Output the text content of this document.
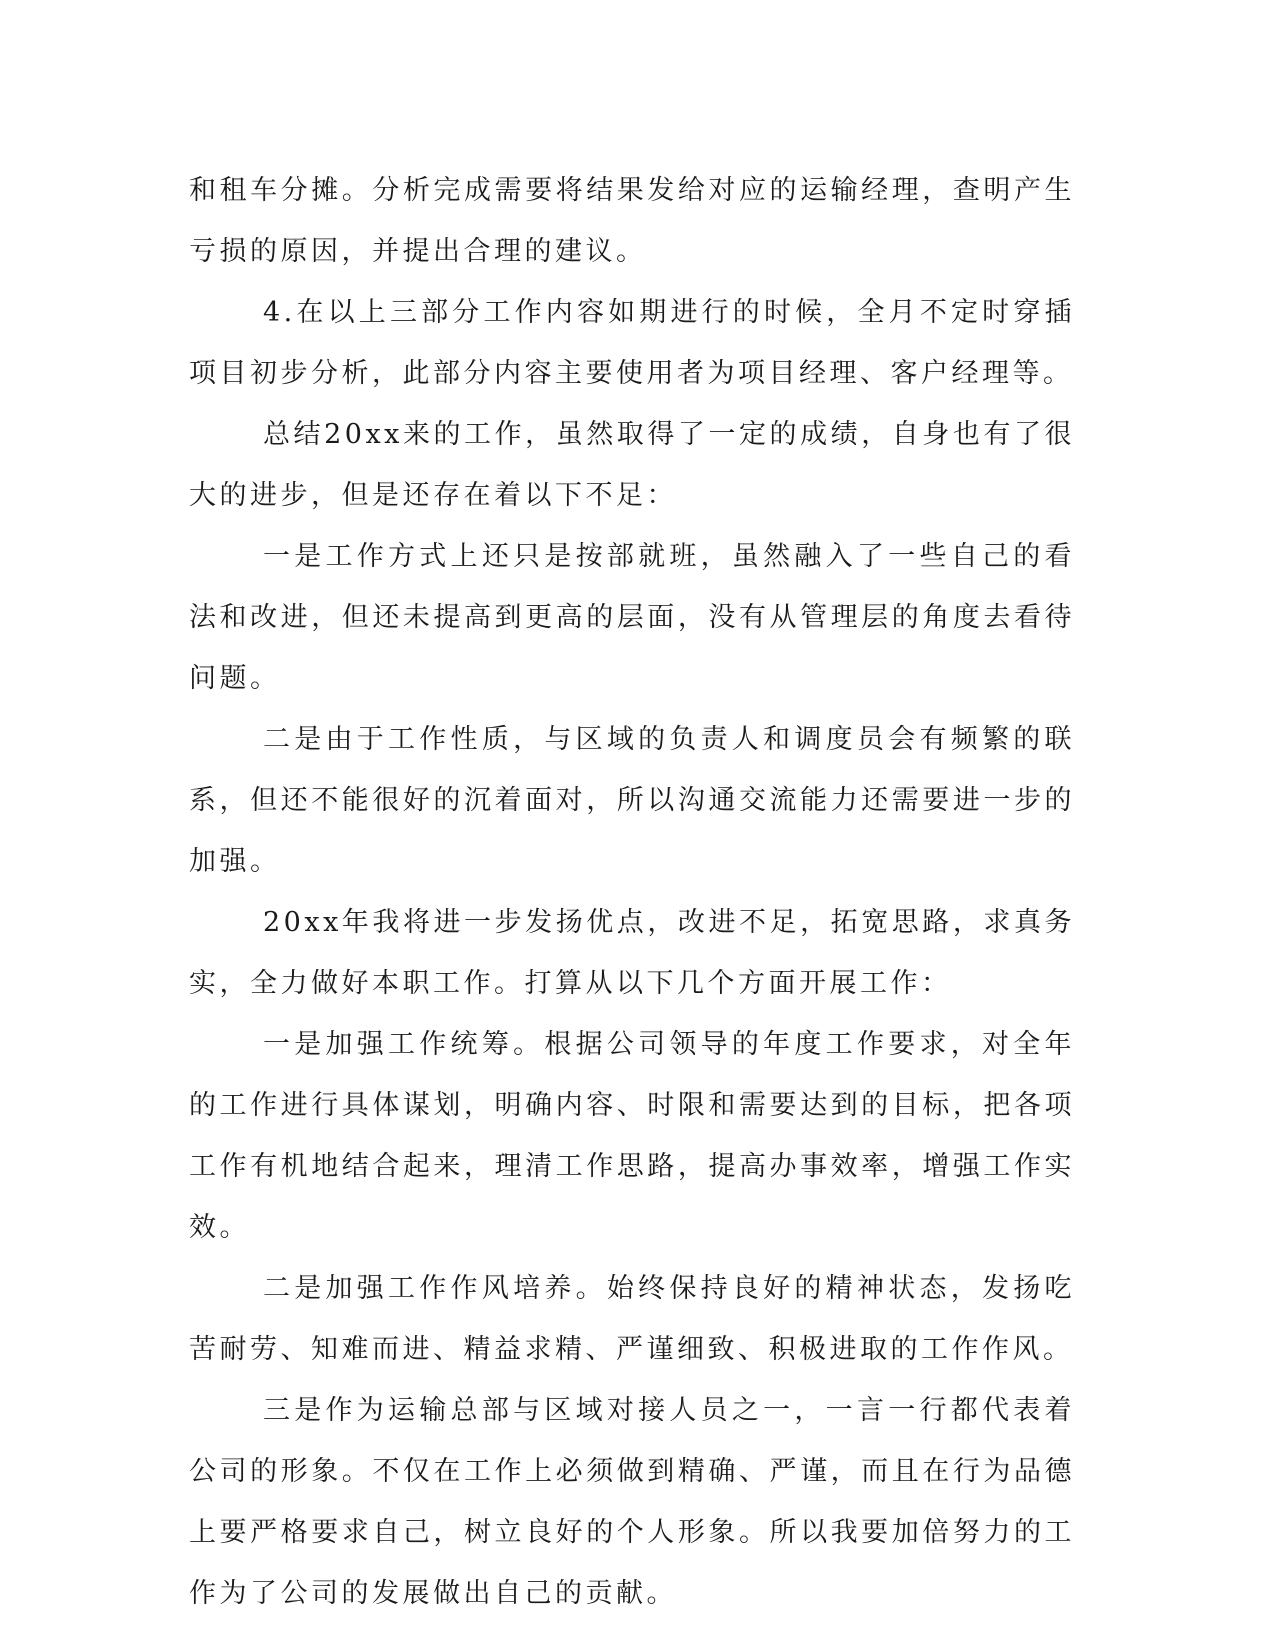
和租车分摊。分析完成需要将结果发给对应的运输经理，查明产生亏损的原因，并提出合理的建议。

4.在以上三部分工作内容如期进行的时候，全月不定时穿插项目初步分析，此部分内容主要使用者为项目经理、客户经理等。

总结20xx来的工作，虽然取得了一定的成绩，自身也有了很大的进步，但是还存在着以下不足：

一是工作方式上还只是按部就班，虽然融入了一些自己的看法和改进，但还未提高到更高的层面，没有从管理层的角度去看待问题。

二是由于工作性质，与区域的负责人和调度员会有频繁的联系，但还不能很好的沉着面对，所以沟通交流能力还需要进一步的加强。

20xx年我将进一步发扬优点，改进不足，拓宽思路，求真务实，全力做好本职工作。打算从以下几个方面开展工作：

一是加强工作统筹。根据公司领导的年度工作要求，对全年的工作进行具体谋划，明确内容、时限和需要达到的目标，把各项工作有机地结合起来，理清工作思路，提高办事效率，增强工作实效。

二是加强工作作风培养。始终保持良好的精神状态，发扬吃苦耐劳、知难而进、精益求精、严谨细致、积极进取的工作作风。

三是作为运输总部与区域对接人员之一，一言一行都代表着公司的形象。不仅在工作上必须做到精确、严谨，而且在行为品德上要严格要求自己，树立良好的个人形象。所以我要加倍努力的工作为了公司的发展做出自己的贡献。
